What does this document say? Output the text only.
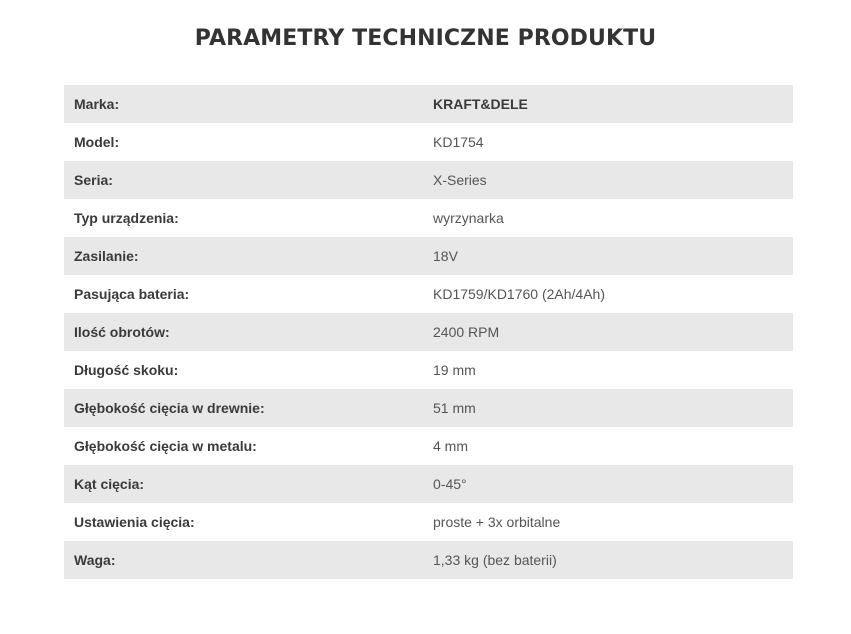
PARAMETRY TECHNICZNE PRODUKTU
Marka:	KRAFT&DELE
Model:	KD1754
Seria:	X-Series
Typ urządzenia:	wyrzynarka
Zasilanie:	18V
Pasująca bateria:	KD1759/KD1760 (2Ah/4Ah)
Ilość obrotów:	2400 RPM
Długość skoku:	19 mm
Głębokość cięcia w drewnie:	51 mm
Głębokość cięcia w metalu:	4 mm
Kąt cięcia:	0-45°
Ustawienia cięcia:	proste + 3x orbitalne
Waga:	1,33 kg (bez baterii)
